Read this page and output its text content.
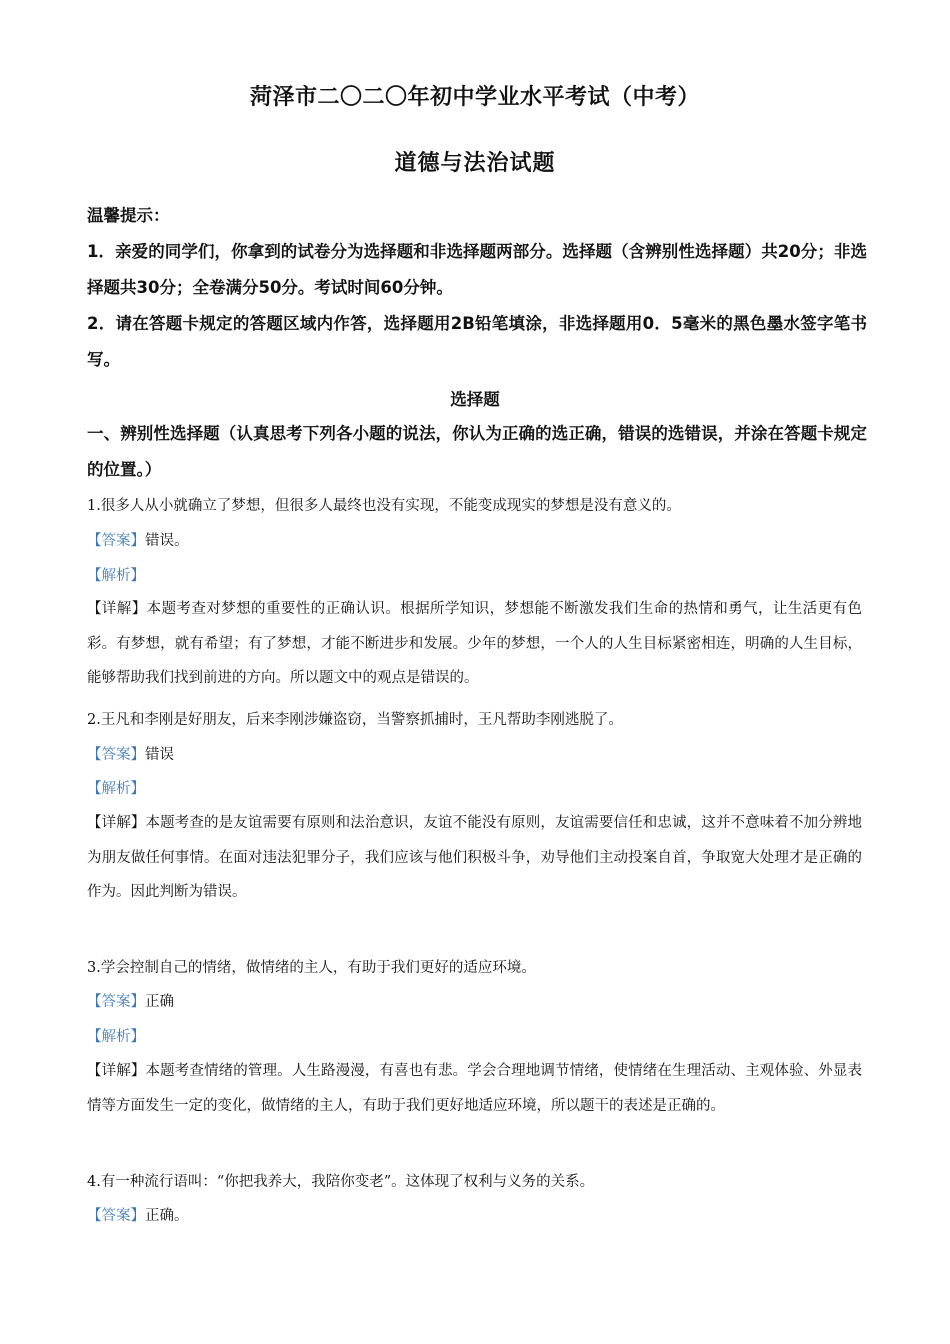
菏泽市二〇二〇年初中学业水平考试（中考）
道德与法治试题
温馨提示：
1．亲爱的同学们，你拿到的试卷分为选择题和非选择题两部分。选择题（含辨别性选择题）共20分；非选择题共30分；全卷满分50分。考试时间60分钟。
2．请在答题卡规定的答题区域内作答，选择题用2B铅笔填涂，非选择题用0．5毫米的黑色墨水签字笔书写。
选择题
一、辨别性选择题（认真思考下列各小题的说法，你认为正确的选正确，错误的选错误，并涂在答题卡规定的位置。）
1.很多人从小就确立了梦想，但很多人最终也没有实现，不能变成现实的梦想是没有意义的。
【答案】错误。
【解析】
【详解】本题考查对梦想的重要性的正确认识。根据所学知识，梦想能不断激发我们生命的热情和勇气，让生活更有色彩。有梦想，就有希望；有了梦想，才能不断进步和发展。少年的梦想，一个人的人生目标紧密相连，明确的人生目标，能够帮助我们找到前进的方向。所以题文中的观点是错误的。
2.王凡和李刚是好朋友，后来李刚涉嫌盗窃，当警察抓捕时，王凡帮助李刚逃脱了。
【答案】错误
【解析】
【详解】本题考查的是友谊需要有原则和法治意识，友谊不能没有原则，友谊需要信任和忠诚，这并不意味着不加分辨地为朋友做任何事情。在面对违法犯罪分子，我们应该与他们积极斗争，劝导他们主动投案自首，争取宽大处理才是正确的作为。因此判断为错误。
3.学会控制自己的情绪，做情绪的主人，有助于我们更好的适应环境。
【答案】正确
【解析】
【详解】本题考查情绪的管理。人生路漫漫，有喜也有悲。学会合理地调节情绪，使情绪在生理活动、主观体验、外显表情等方面发生一定的变化，做情绪的主人，有助于我们更好地适应环境，所以题干的表述是正确的。
4.有一种流行语叫：“你把我养大，我陪你变老”。这体现了权利与义务的关系。
【答案】正确。
